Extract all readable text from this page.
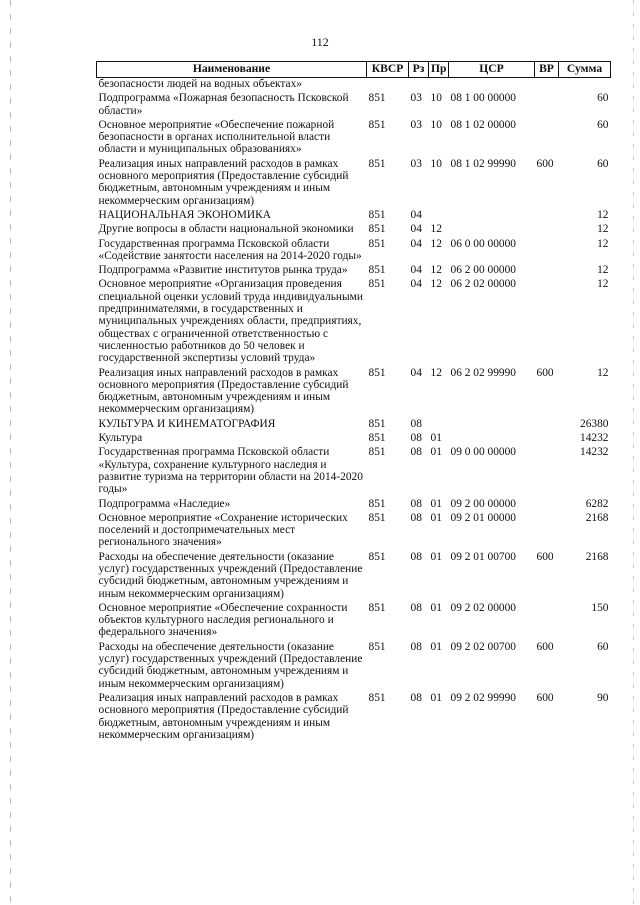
112
Наименование	КВСР	Рз	Пр	ЦСР	ВР	Сумма
безопасности людей на водных объектах»						
Подпрограмма «Пожарная безопасность Псковской области»	851	03	10	08 1 00 00000		60
Основное мероприятие «Обеспечение пожарной безопасности в органах исполнительной власти области и муниципальных образованиях»	851	03	10	08 1 02 00000		60
Реализация иных направлений расходов в рамках основного мероприятия (Предоставление субсидий бюджетным, автономным учреждениям и иным некоммерческим организациям)	851	03	10	08 1 02 99990	600	60
НАЦИОНАЛЬНАЯ ЭКОНОМИКА	851	04				12
Другие вопросы в области национальной экономики	851	04	12			12
Государственная программа Псковской области «Содействие занятости населения на 2014-2020 годы»	851	04	12	06 0 00 00000		12
Подпрограмма «Развитие институтов рынка труда»	851	04	12	06 2 00 00000		12
Основное мероприятие «Организация проведения специальной оценки условий труда индивидуальными предпринимателями, в государственных и муниципальных учреждениях области, предприятиях, обществах с ограниченной ответственностью с численностью работников до 50 человек и государственной экспертизы условий труда»	851	04	12	06 2 02 00000		12
Реализация иных направлений расходов в рамках основного мероприятия (Предоставление субсидий бюджетным, автономным учреждениям и иным некоммерческим организациям)	851	04	12	06 2 02 99990	600	12
КУЛЬТУРА И КИНЕМАТОГРАФИЯ	851	08				26380
Культура	851	08	01			14232
Государственная программа Псковской области «Культура, сохранение культурного наследия и развитие туризма на территории области на 2014-2020 годы»	851	08	01	09 0 00 00000		14232
Подпрограмма «Наследие»	851	08	01	09 2 00 00000		6282
Основное мероприятие «Сохранение исторических поселений и достопримечательных мест регионального значения»	851	08	01	09 2 01 00000		2168
Расходы на обеспечение деятельности (оказание услуг) государственных учреждений (Предоставление субсидий бюджетным, автономным учреждениям и иным некоммерческим организациям)	851	08	01	09 2 01 00700	600	2168
Основное мероприятие «Обеспечение сохранности объектов культурного наследия регионального и федерального значения»	851	08	01	09 2 02 00000		150
Расходы на обеспечение деятельности (оказание услуг) государственных учреждений (Предоставление субсидий бюджетным, автономным учреждениям и иным некоммерческим организациям)	851	08	01	09 2 02 00700	600	60
Реализация иных направлений расходов в рамках основного мероприятия (Предоставление субсидий бюджетным, автономным учреждениям и иным некоммерческим организациям)	851	08	01	09 2 02 99990	600	90
